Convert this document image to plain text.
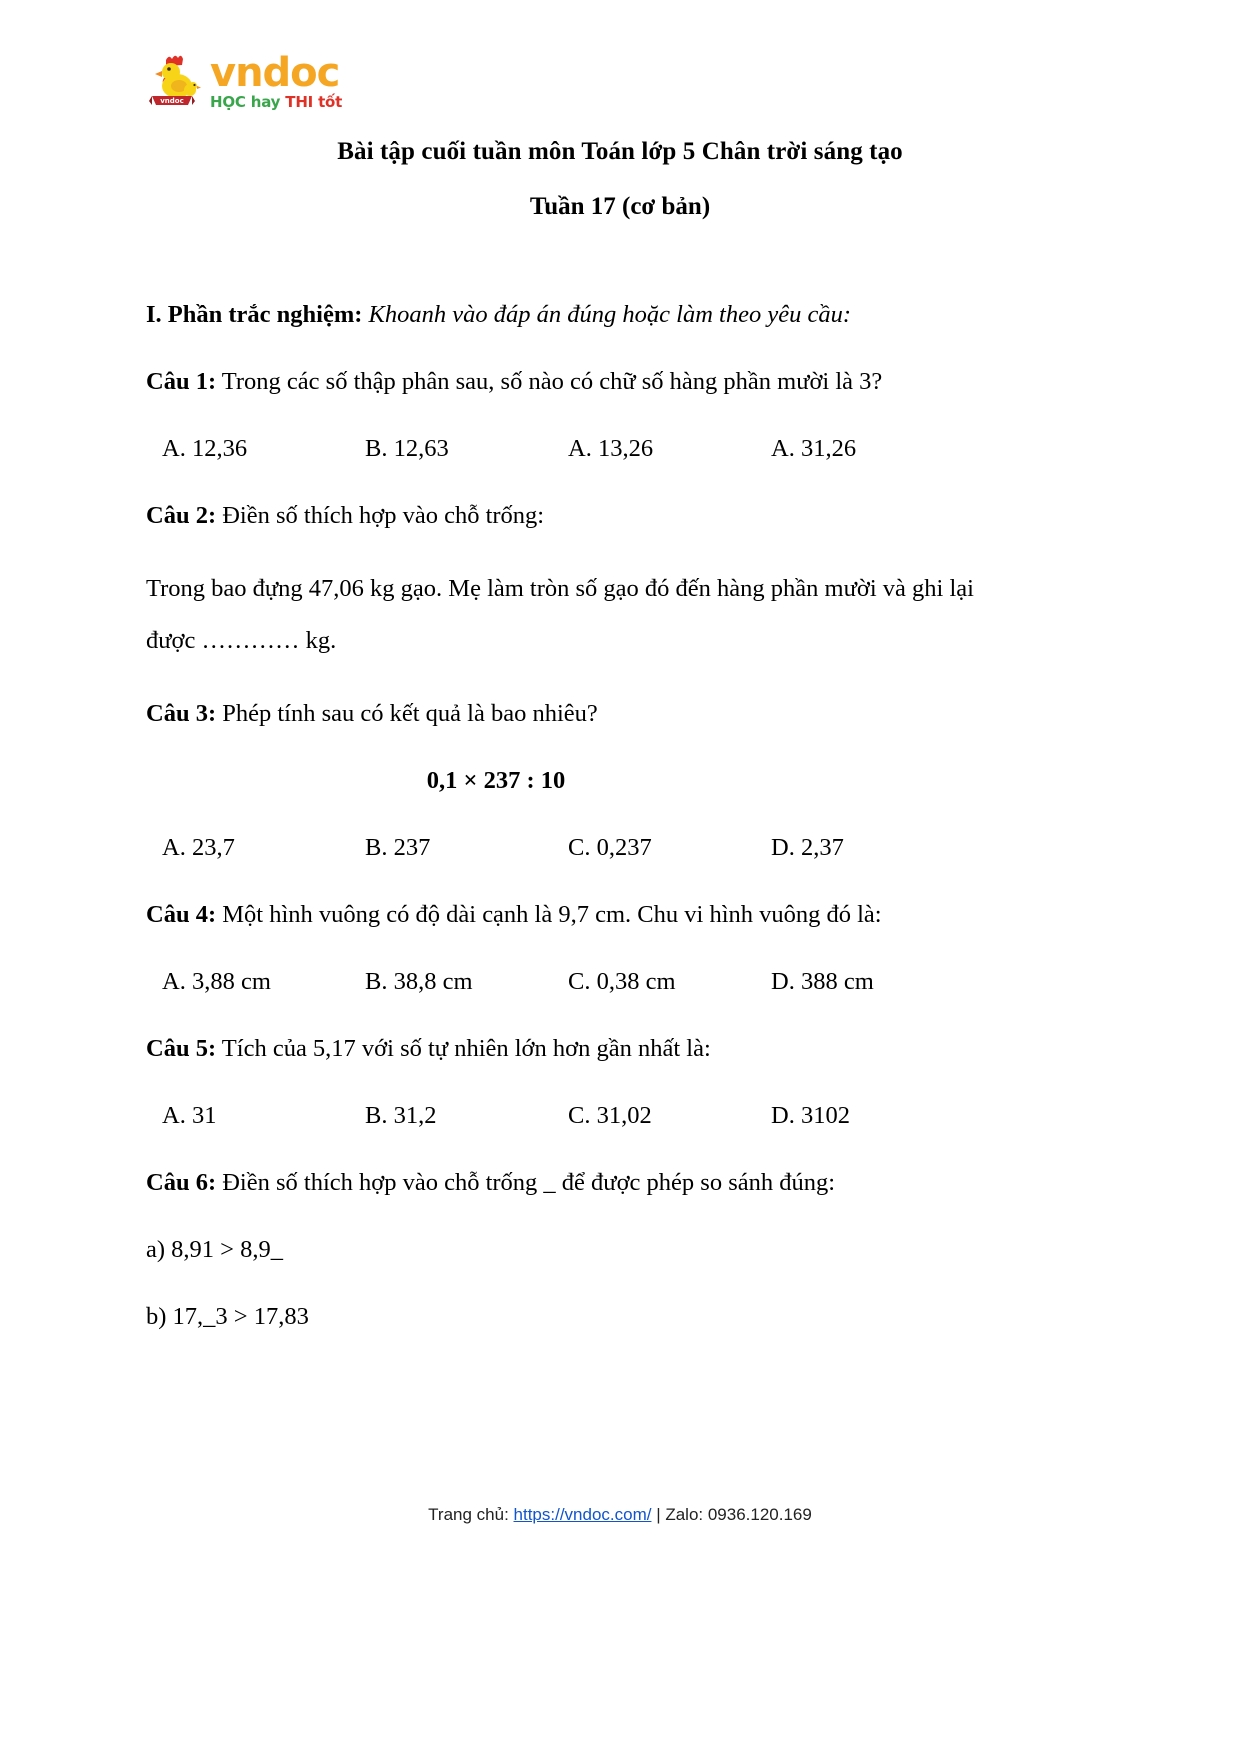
vndoc
vndoc
HỌC hay THI tốt
Bài tập cuối tuần môn Toán lớp 5 Chân trời sáng tạo
Tuần 17 (cơ bản)
I. Phần trắc nghiệm: Khoanh vào đáp án đúng hoặc làm theo yêu cầu:
Câu 1: Trong các số thập phân sau, số nào có chữ số hàng phần mười là 3?
A. 12,36	B. 12,63	A. 13,26	A. 31,26
Câu 2: Điền số thích hợp vào chỗ trống:
Trong bao đựng 47,06 kg gạo. Mẹ làm tròn số gạo đó đến hàng phần mười và ghi lại được ………… kg.
Câu 3: Phép tính sau có kết quả là bao nhiêu?
0,1 × 237 : 10
A. 23,7	B. 237	C. 0,237	D. 2,37
Câu 4: Một hình vuông có độ dài cạnh là 9,7 cm. Chu vi hình vuông đó là:
A. 3,88 cm	B. 38,8 cm	C. 0,38 cm	D. 388 cm
Câu 5: Tích của 5,17 với số tự nhiên lớn hơn gần nhất là:
A. 31	B. 31,2	C. 31,02	D. 3102
Câu 6: Điền số thích hợp vào chỗ trống _ để được phép so sánh đúng:
a) 8,91 > 8,9_
b) 17,_3 > 17,83
Trang chủ: https://vndoc.com/ | Zalo: 0936.120.169
